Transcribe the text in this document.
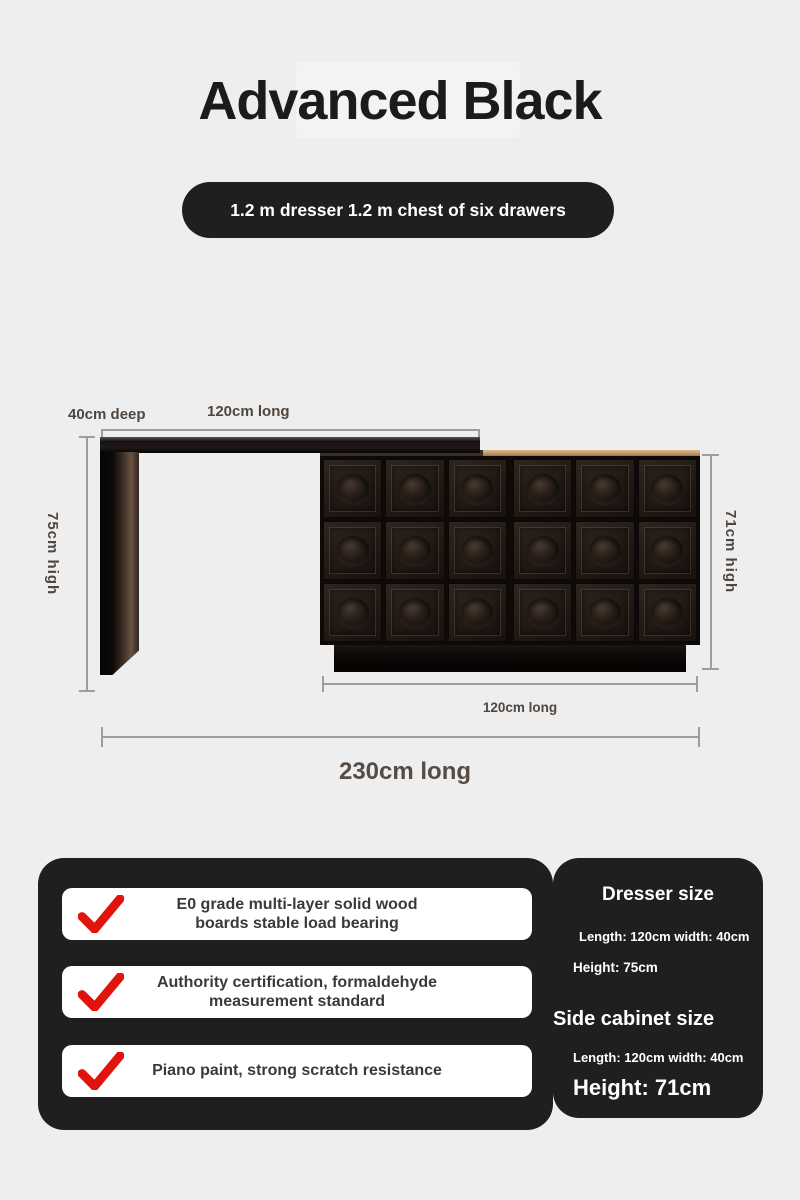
Advanced Black
1.2 m dresser 1.2 m chest of six drawers
40cm deep	120cm long
75cm high	71cm high
120cm long
230cm long
E0 grade multi-layer solid wood
boards stable load bearing
Authority certification, formaldehyde
measurement standard
Piano paint, strong scratch resistance
Dresser size
Length: 120cm width: 40cm
Height: 75cm
Side cabinet size
Length: 120cm width: 40cm
Height: 71cm
